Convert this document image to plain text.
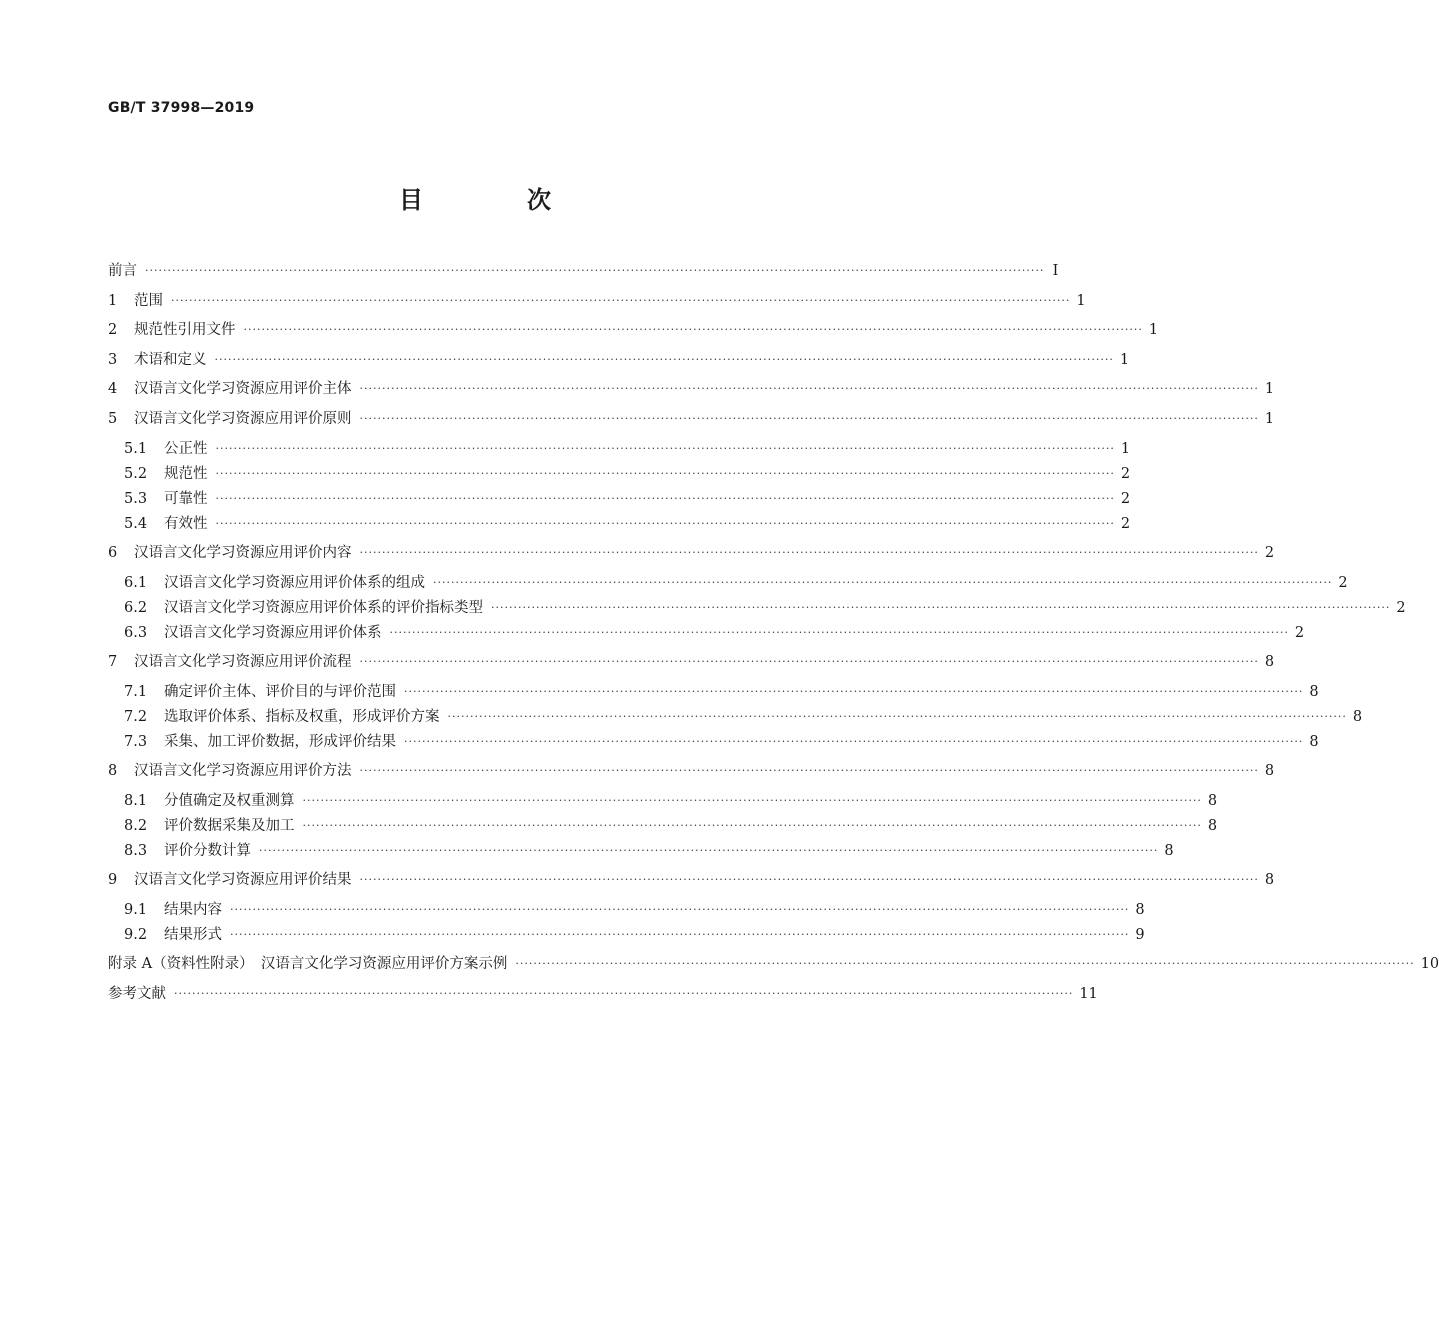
GB/T 37998—2019
目　次
前言 ········································································································································································································ Ⅰ
1	范围 ········································································································································································································ 1
2	规范性引用文件 ········································································································································································································ 1
3	术语和定义 ········································································································································································································ 1
4	汉语言文化学习资源应用评价主体 ········································································································································································································ 1
5	汉语言文化学习资源应用评价原则 ········································································································································································································ 1
5.1	公正性 ········································································································································································································ 1
5.2	规范性 ········································································································································································································ 2
5.3	可靠性 ········································································································································································································ 2
5.4	有效性 ········································································································································································································ 2
6	汉语言文化学习资源应用评价内容 ········································································································································································································ 2
6.1	汉语言文化学习资源应用评价体系的组成 ········································································································································································································ 2
6.2	汉语言文化学习资源应用评价体系的评价指标类型 ········································································································································································································ 2
6.3	汉语言文化学习资源应用评价体系 ········································································································································································································ 2
7	汉语言文化学习资源应用评价流程 ········································································································································································································ 8
7.1	确定评价主体、评价目的与评价范围 ········································································································································································································ 8
7.2	选取评价体系、指标及权重，形成评价方案 ········································································································································································································ 8
7.3	采集、加工评价数据，形成评价结果 ········································································································································································································ 8
8	汉语言文化学习资源应用评价方法 ········································································································································································································ 8
8.1	分值确定及权重测算 ········································································································································································································ 8
8.2	评价数据采集及加工 ········································································································································································································ 8
8.3	评价分数计算 ········································································································································································································ 8
9	汉语言文化学习资源应用评价结果 ········································································································································································································ 8
9.1	结果内容 ········································································································································································································ 8
9.2	结果形式 ········································································································································································································ 9
附录 A（资料性附录）　汉语言文化学习资源应用评价方案示例 ········································································································································································································ 10
参考文献 ········································································································································································································ 11
